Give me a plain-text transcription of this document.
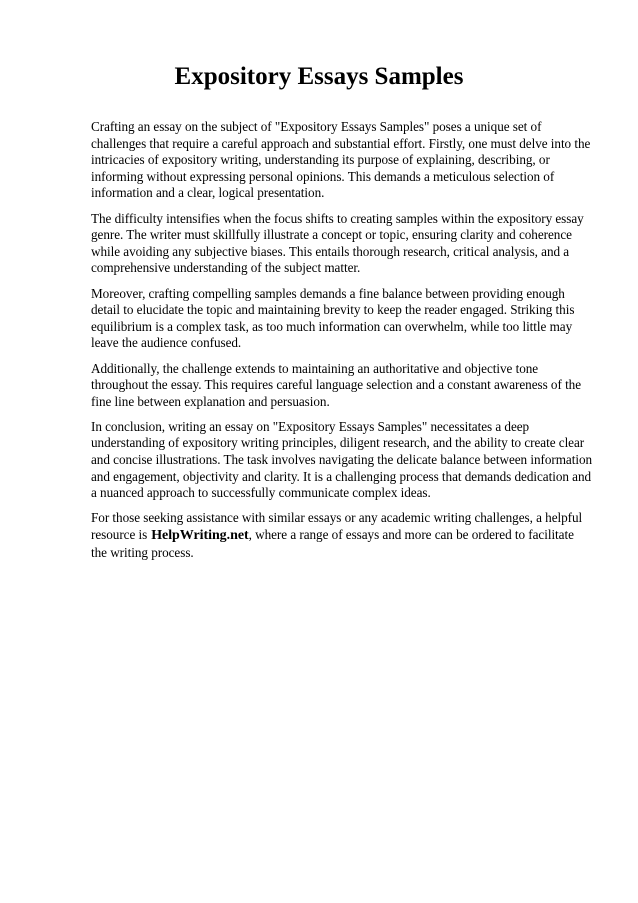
Expository Essays Samples

Crafting an essay on the subject of "Expository Essays Samples" poses a unique set of challenges that require a careful approach and substantial effort. Firstly, one must delve into the intricacies of expository writing, understanding its purpose of explaining, describing, or informing without expressing personal opinions. This demands a meticulous selection of information and a clear, logical presentation.

The difficulty intensifies when the focus shifts to creating samples within the expository essay genre. The writer must skillfully illustrate a concept or topic, ensuring clarity and coherence while avoiding any subjective biases. This entails thorough research, critical analysis, and a comprehensive understanding of the subject matter.

Moreover, crafting compelling samples demands a fine balance between providing enough detail to elucidate the topic and maintaining brevity to keep the reader engaged. Striking this equilibrium is a complex task, as too much information can overwhelm, while too little may leave the audience confused.

Additionally, the challenge extends to maintaining an authoritative and objective tone throughout the essay. This requires careful language selection and a constant awareness of the fine line between explanation and persuasion.

In conclusion, writing an essay on "Expository Essays Samples" necessitates a deep understanding of expository writing principles, diligent research, and the ability to create clear and concise illustrations. The task involves navigating the delicate balance between information and engagement, objectivity and clarity. It is a challenging process that demands dedication and a nuanced approach to successfully communicate complex ideas.

For those seeking assistance with similar essays or any academic writing challenges, a helpful resource is HelpWriting.net, where a range of essays and more can be ordered to facilitate the writing process.
